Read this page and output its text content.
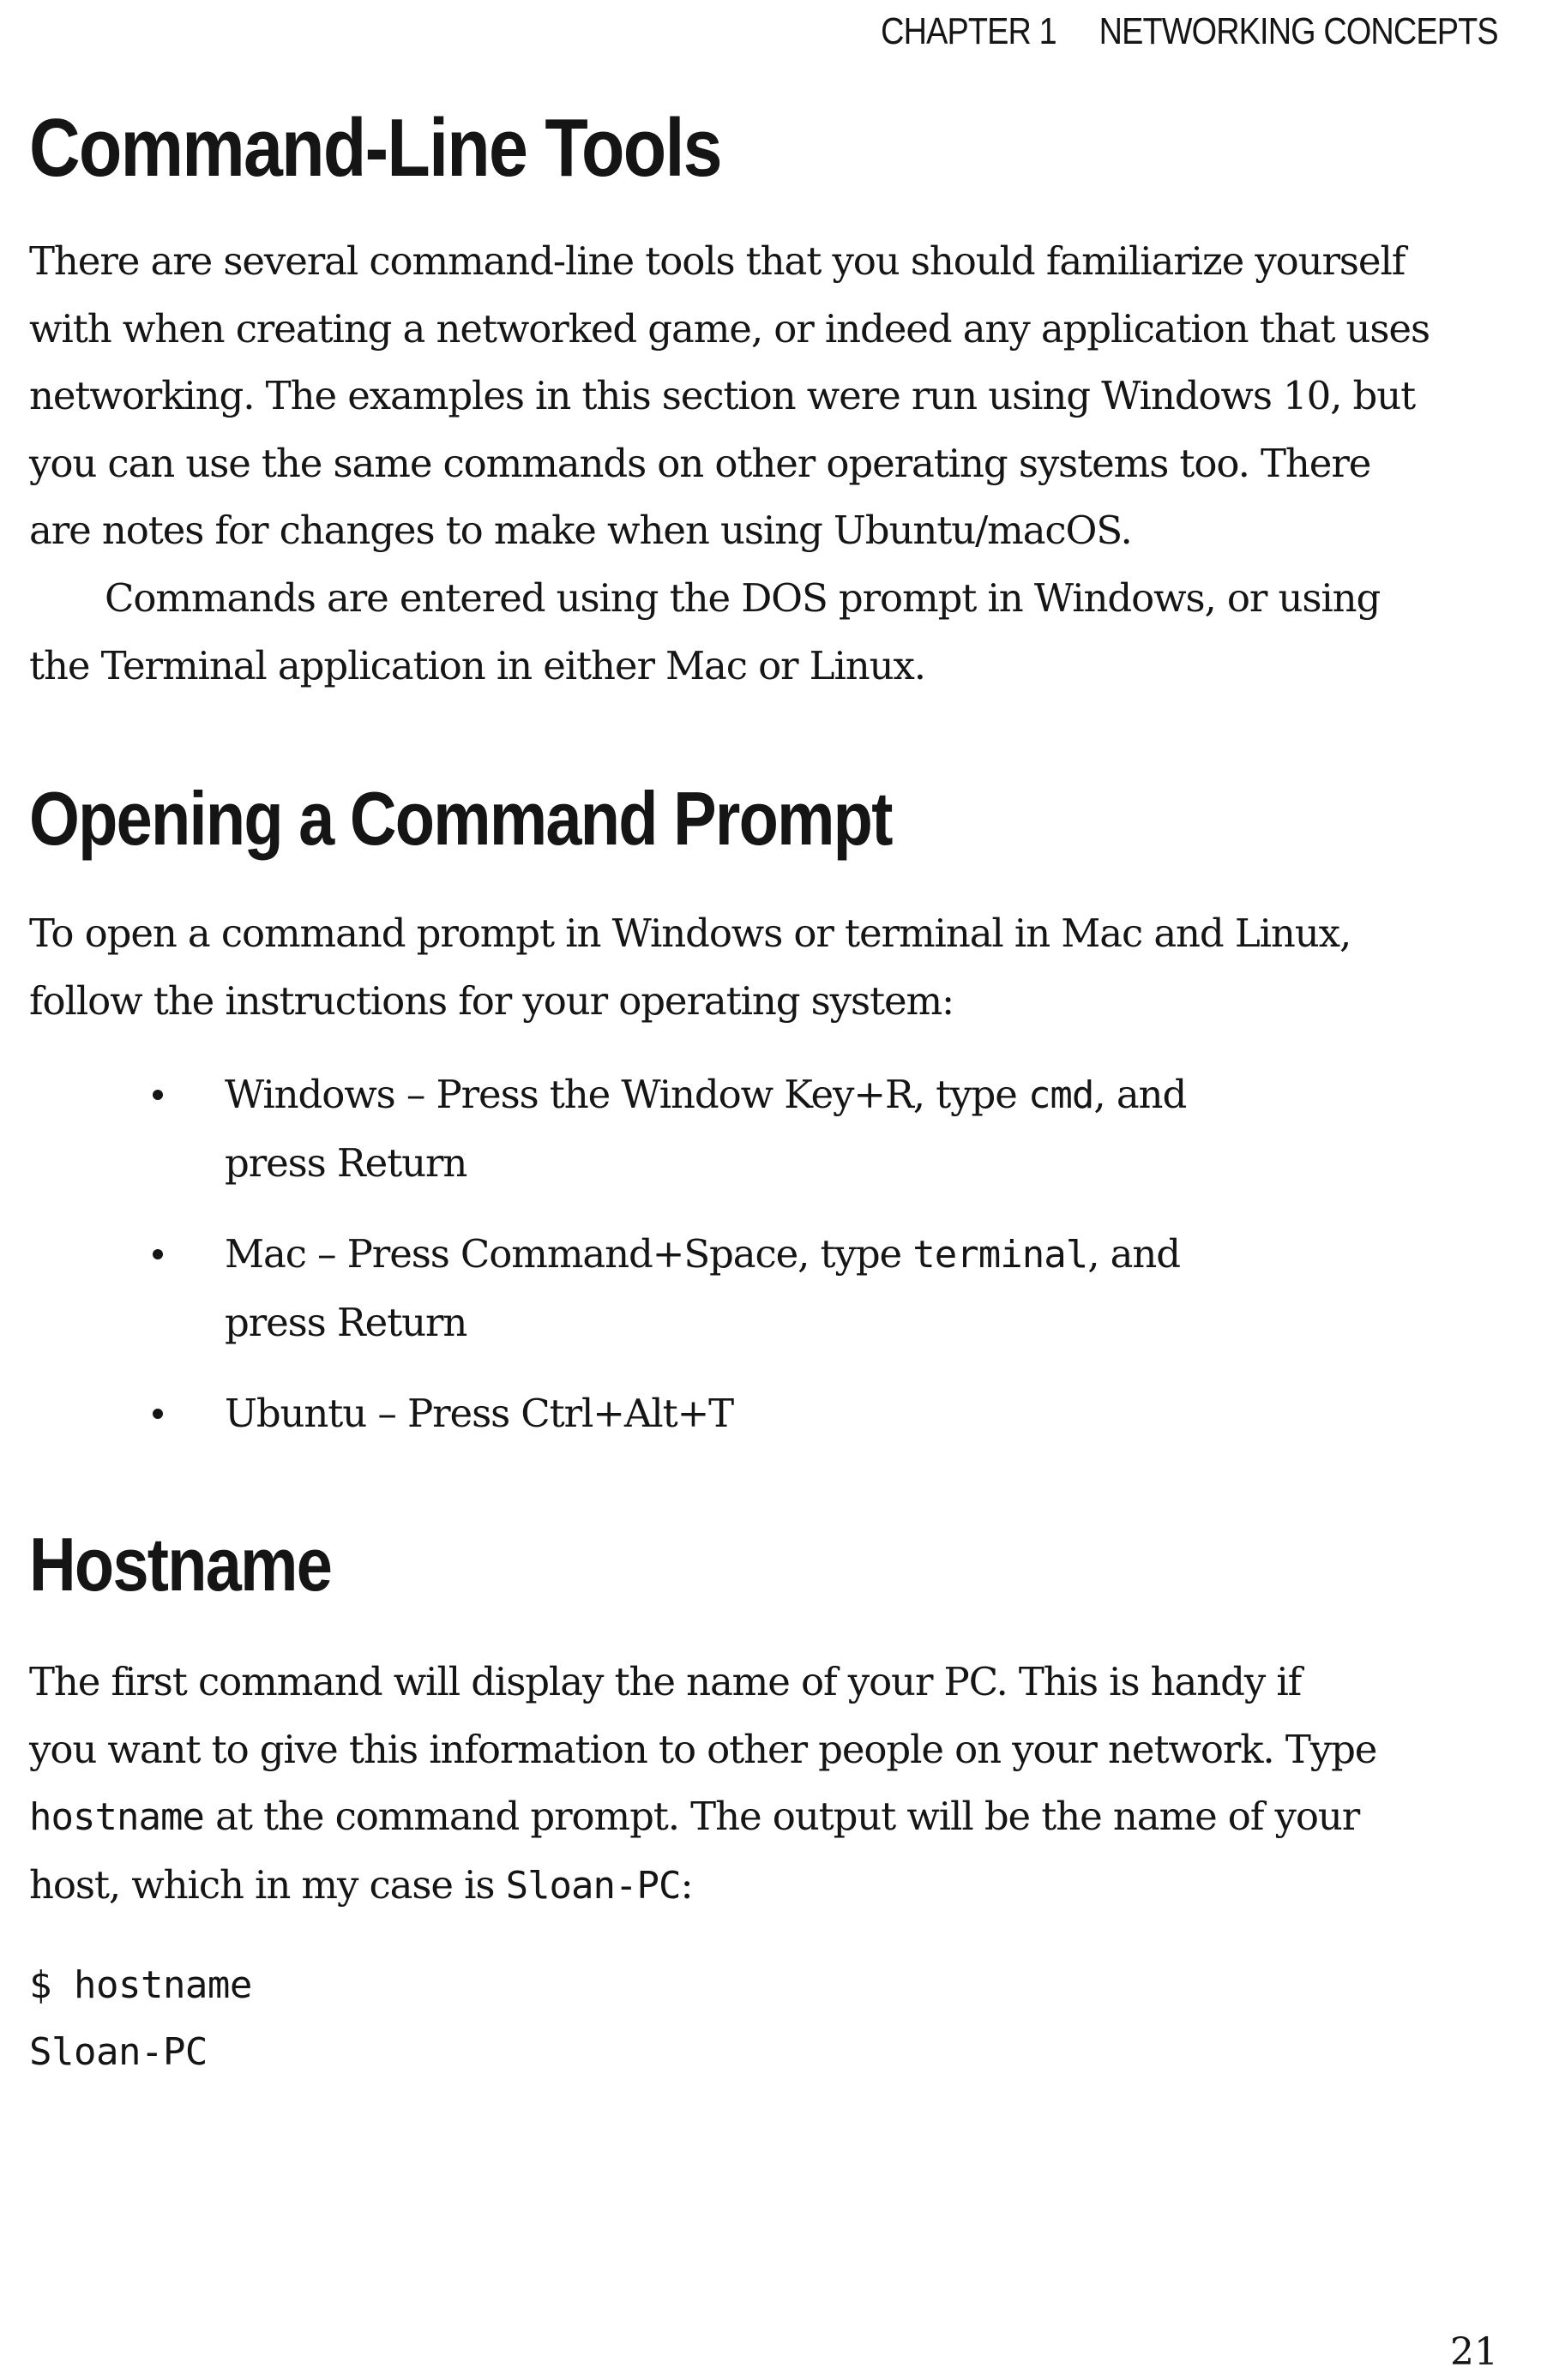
CHAPTER 1 NETWORKING CONCEPTS
Command-Line Tools
There are several command-line tools that you should familiarize yourself
with when creating a networked game, or indeed any application that uses
networking. The examples in this section were run using Windows 10, but
you can use the same commands on other operating systems too. There
are notes for changes to make when using Ubuntu/macOS.
Commands are entered using the DOS prompt in Windows, or using
the Terminal application in either Mac or Linux.
Opening a Command Prompt
To open a command prompt in Windows or terminal in Mac and Linux,
follow the instructions for your operating system:
Windows – Press the Window Key+R, type cmd, and
press Return
Mac – Press Command+Space, type terminal, and
press Return
Ubuntu – Press Ctrl+Alt+T
Hostname
The first command will display the name of your PC. This is handy if
you want to give this information to other people on your network. Type
hostname at the command prompt. The output will be the name of your
host, which in my case is Sloan-PC:
$ hostname
Sloan-PC
21
